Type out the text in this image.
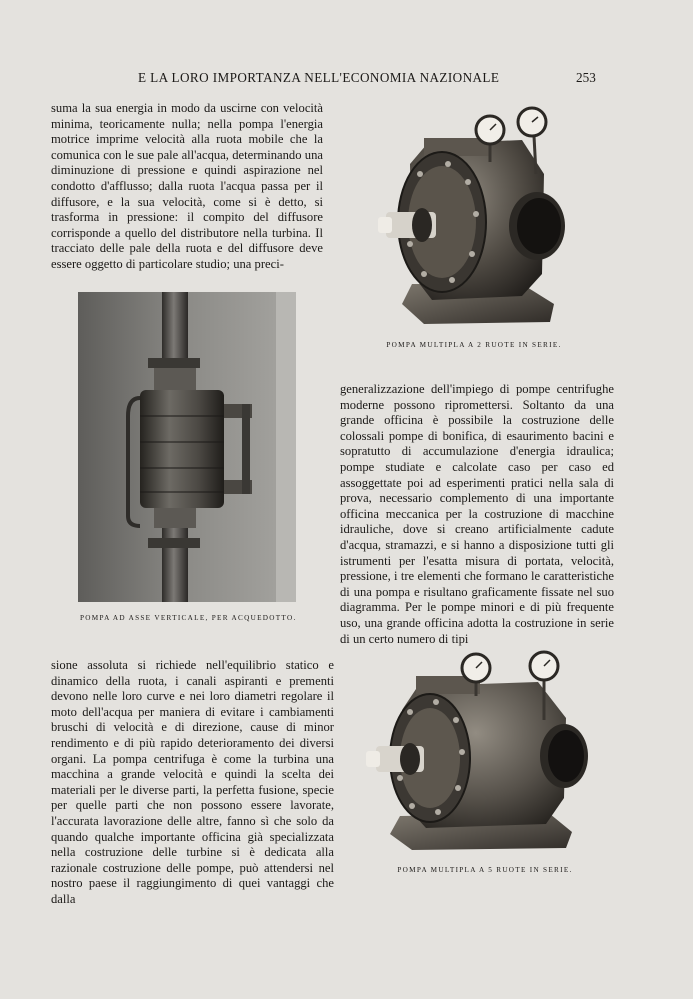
E LA LORO IMPORTANZA NELL'ECONOMIA NAZIONALE	253

suma la sua energia in modo da uscirne con velocità minima, teoricamente nulla; nella pompa l'energia motrice imprime velocità alla ruota mobile che la comunica con le sue pale all'acqua, determinando una diminuzione di pressione e quindi aspirazione nel condotto d'afflusso; dalla ruota l'acqua passa per il diffusore, e la sua velocità, come si è detto, si trasforma in pressione: il compito del diffusore corrisponde a quello del distributore nella turbina. Il tracciato delle pale della ruota e del diffusore deve essere oggetto di particolare studio; una preci-

POMPA MULTIPLA A 2 RUOTE IN SERIE.
POMPA AD ASSE VERTICALE, PER ACQUEDOTTO.

generalizzazione dell'impiego di pompe centrifughe moderne possono ripromettersi. Soltanto da una grande officina è possibile la costruzione delle colossali pompe di bonifica, di esaurimento bacini e sopratutto di accumulazione d'energia idraulica; pompe studiate e calcolate caso per caso ed assoggettate poi ad esperimenti pratici nella sala di prova, necessario complemento di una importante officina meccanica per la costruzione di macchine idrauliche, dove si creano artificialmente cadute d'acqua, stramazzi, e si hanno a disposizione tutti gli istrumenti per l'esatta misura di portata, velocità, pressione, i tre elementi che formano le caratteristiche di una pompa e risultano graficamente fissate nel suo diagramma. Per le pompe minori e di più frequente uso, una grande officina adotta la costruzione in serie di un certo numero di tipi

sione assoluta si richiede nell'equilibrio statico e dinamico della ruota, i canali aspiranti e prementi devono nelle loro curve e nei loro diametri regolare il moto dell'acqua per maniera di evitare i cambiamenti bruschi di velocità e di direzione, cause di minor rendimento e di più rapido deterioramento dei diversi organi. La pompa centrifuga è come la turbina una macchina a grande velocità e quindi la scelta dei materiali per le diverse parti, la perfetta fusione, specie per quelle parti che non possono essere lavorate, l'accurata lavorazione delle altre, fanno sì che solo da quando qualche importante officina già specializzata nella costruzione delle turbine si è dedicata alla razionale costruzione delle pompe, può attendersi nel nostro paese il raggiungimento di quei vantaggi che dalla

POMPA MULTIPLA A 5 RUOTE IN SERIE.
